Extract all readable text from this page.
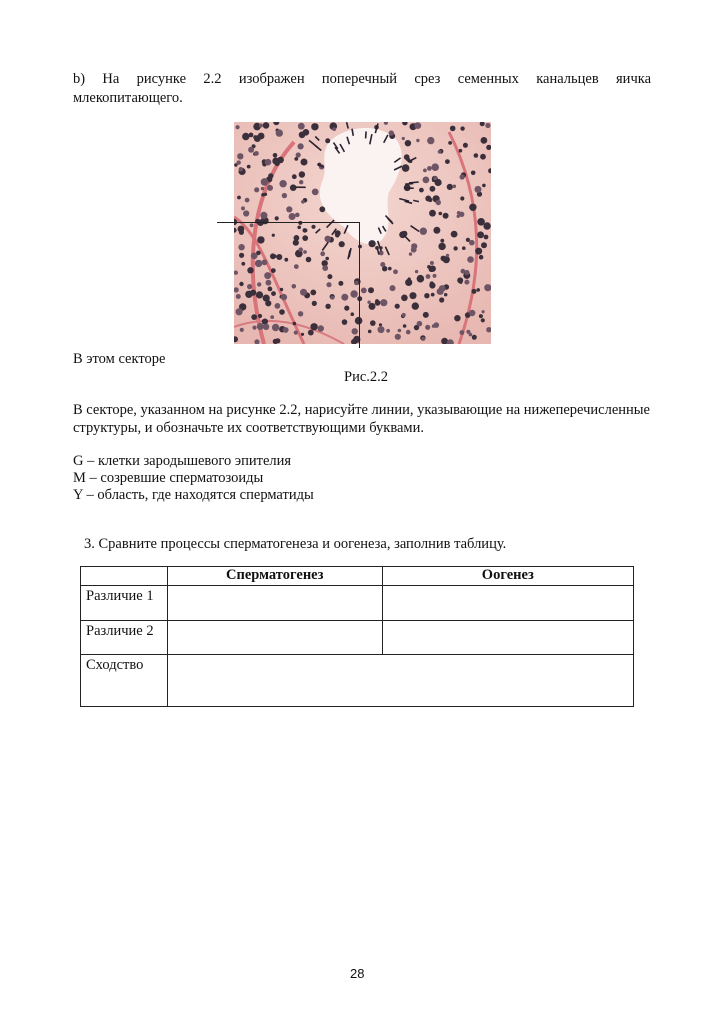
b) На рисунке 2.2 изображен поперечный срез семенных канальцев яичка
млекопитающего.
В этом секторе
Рис.2.2
В секторе, указанном на рисунке 2.2, нарисуйте линии, указывающие на нижеперечисленные
структуры, и обозначьте их соответствующими буквами.
G – клетки зародышевого эпителия
M – созревшие сперматозоиды
Y – область, где находятся сперматиды
3. Сравните процессы сперматогенеза и оогенеза, заполнив таблицу.
	Сперматогенез	Оогенез
Различие 1		
Различие 2		
Сходство		
28
